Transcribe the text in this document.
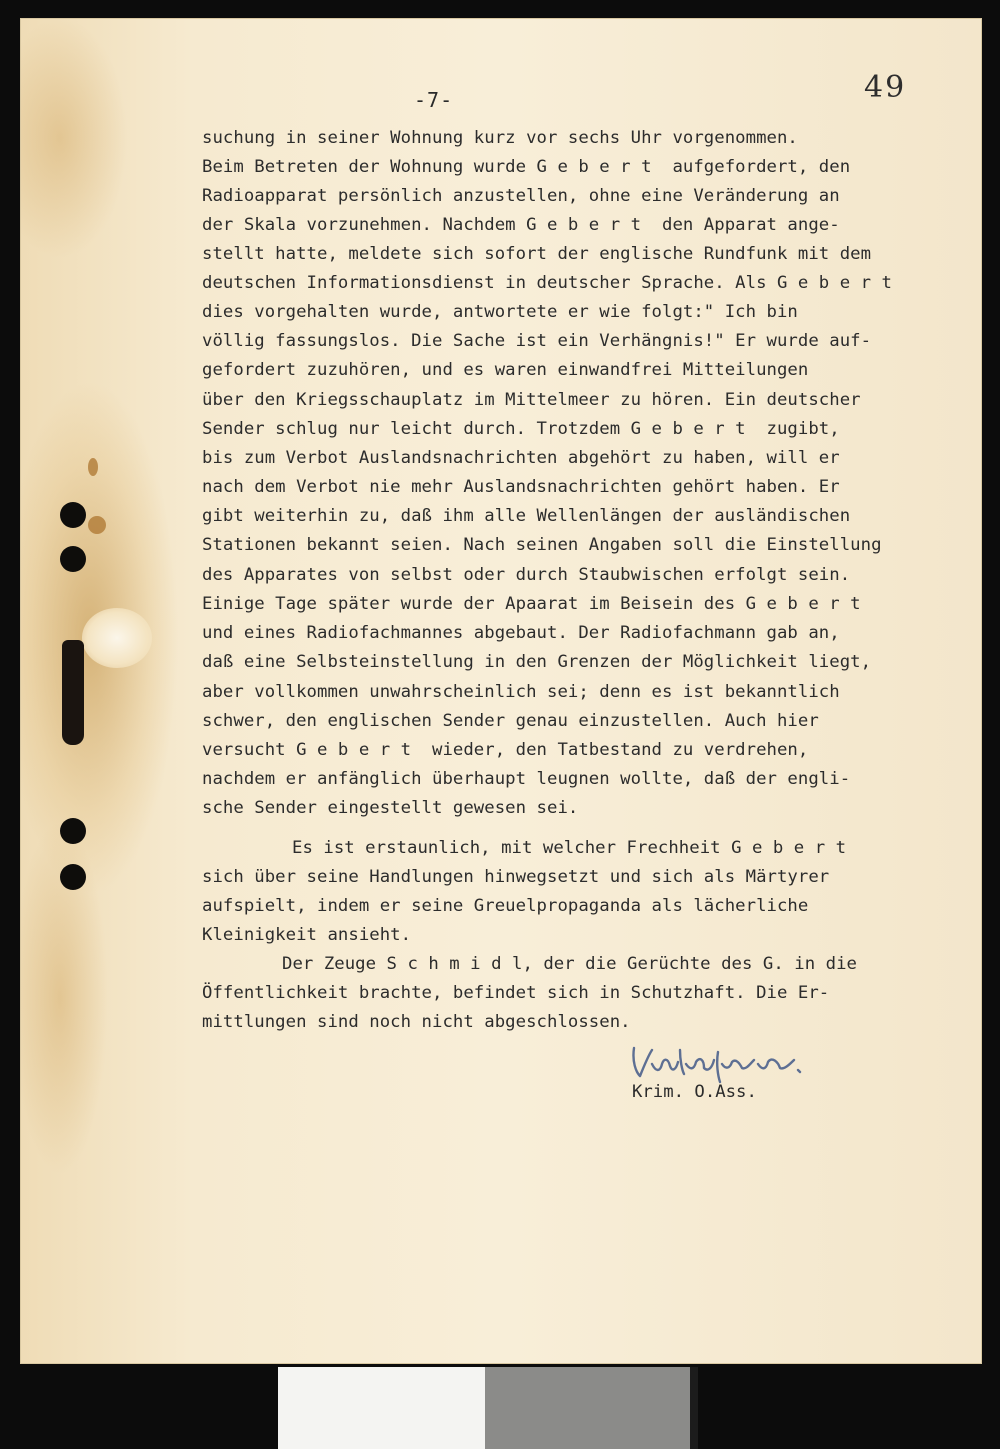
-7-	49
suchung in seiner Wohnung kurz vor sechs Uhr vorgenommen.
Beim Betreten der Wohnung wurde G e b e r t  aufgefordert, den
Radioapparat persönlich anzustellen, ohne eine Veränderung an
der Skala vorzunehmen. Nachdem G e b e r t  den Apparat ange-
stellt hatte, meldete sich sofort der englische Rundfunk mit dem
deutschen Informationsdienst in deutscher Sprache. Als G e b e r t
dies vorgehalten wurde, antwortete er wie folgt:" Ich bin
völlig fassungslos. Die Sache ist ein Verhängnis!" Er wurde auf-
gefordert zuzuhören, und es waren einwandfrei Mitteilungen
über den Kriegsschauplatz im Mittelmeer zu hören. Ein deutscher
Sender schlug nur leicht durch. Trotzdem G e b e r t  zugibt,
bis zum Verbot Auslandsnachrichten abgehört zu haben, will er
nach dem Verbot nie mehr Auslandsnachrichten gehört haben. Er
gibt weiterhin zu, daß ihm alle Wellenlängen der ausländischen
Stationen bekannt seien. Nach seinen Angaben soll die Einstellung
des Apparates von selbst oder durch Staubwischen erfolgt sein.
Einige Tage später wurde der Apaarat im Beisein des G e b e r t
und eines Radiofachmannes abgebaut. Der Radiofachmann gab an,
daß eine Selbsteinstellung in den Grenzen der Möglichkeit liegt,
aber vollkommen unwahrscheinlich sei; denn es ist bekanntlich
schwer, den englischen Sender genau einzustellen. Auch hier
versucht G e b e r t  wieder, den Tatbestand zu verdrehen,
nachdem er anfänglich überhaupt leugnen wollte, daß der engli-
sche Sender eingestellt gewesen sei.
Es ist erstaunlich, mit welcher Frechheit G e b e r t
sich über seine Handlungen hinwegsetzt und sich als Märtyrer
aufspielt, indem er seine Greuelpropaganda als lächerliche
Kleinigkeit ansieht.
Der Zeuge S c h m i d l, der die Gerüchte des G. in die
Öffentlichkeit brachte, befindet sich in Schutzhaft. Die Er-
mittlungen sind noch nicht abgeschlossen.
Krim. O.Ass.
